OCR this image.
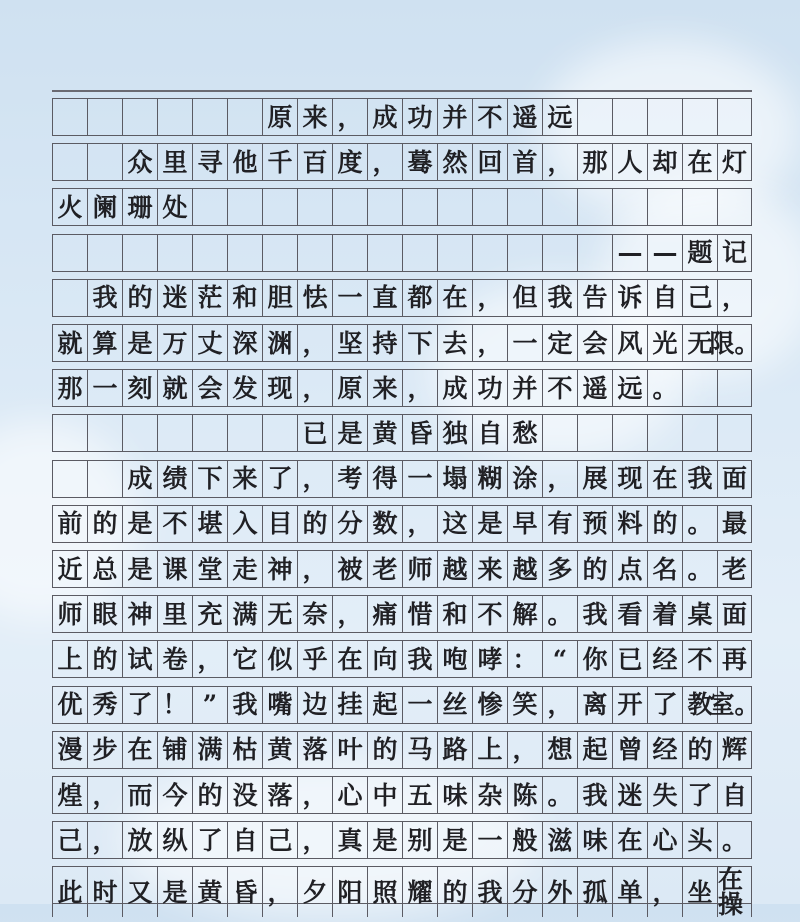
原 来 ， 成 功 并 不 遥 远
众 里 寻 他 千 百 度 ， 蓦 然 回 首 ， 那 人 却 在 灯
火 阑 珊 处
— — 题 记
我 的 迷 茫 和 胆 怯 一 直 都 在 ， 但 我 告 诉 自 己 ，
就 算 是 万 丈 深 渊 ， 坚 持 下 去 ， 一 定 会 风 光 无
限。
那 一 刻 就 会 发 现 ， 原 来 ， 成 功 并 不 遥 远 。
已 是 黄 昏 独 自 愁
成 绩 下 来 了 ， 考 得 一 塌 糊 涂 ， 展 现 在 我 面
前 的 是 不 堪 入 目 的 分 数 ， 这 是 早 有 预 料 的 。 最
近 总 是 课 堂 走 神 ， 被 老 师 越 来 越 多 的 点 名 。 老
师 眼 神 里 充 满 无 奈 ， 痛 惜 和 不 解 。 我 看 着 桌 面
上 的 试 卷 ， 它 似 乎 在 向 我 咆 哮 ： “ 你 已 经 不 再
优 秀 了 ！ ” 我 嘴 边 挂 起 一 丝 惨 笑 ， 离 开 了 教
室。
漫 步 在 铺 满 枯 黄 落 叶 的 马 路 上 ， 想 起 曾 经 的 辉
煌 ， 而 今 的 没 落 ， 心 中 五 味 杂 陈 。 我 迷 失 了 自
己 ， 放 纵 了 自 己 ， 真 是 别 是 一 般 滋 味 在 心 头 。
此 时 又 是 黄 昏 ， 夕 阳 照 耀 的 我 分 外 孤 单 ， 坐 在操
